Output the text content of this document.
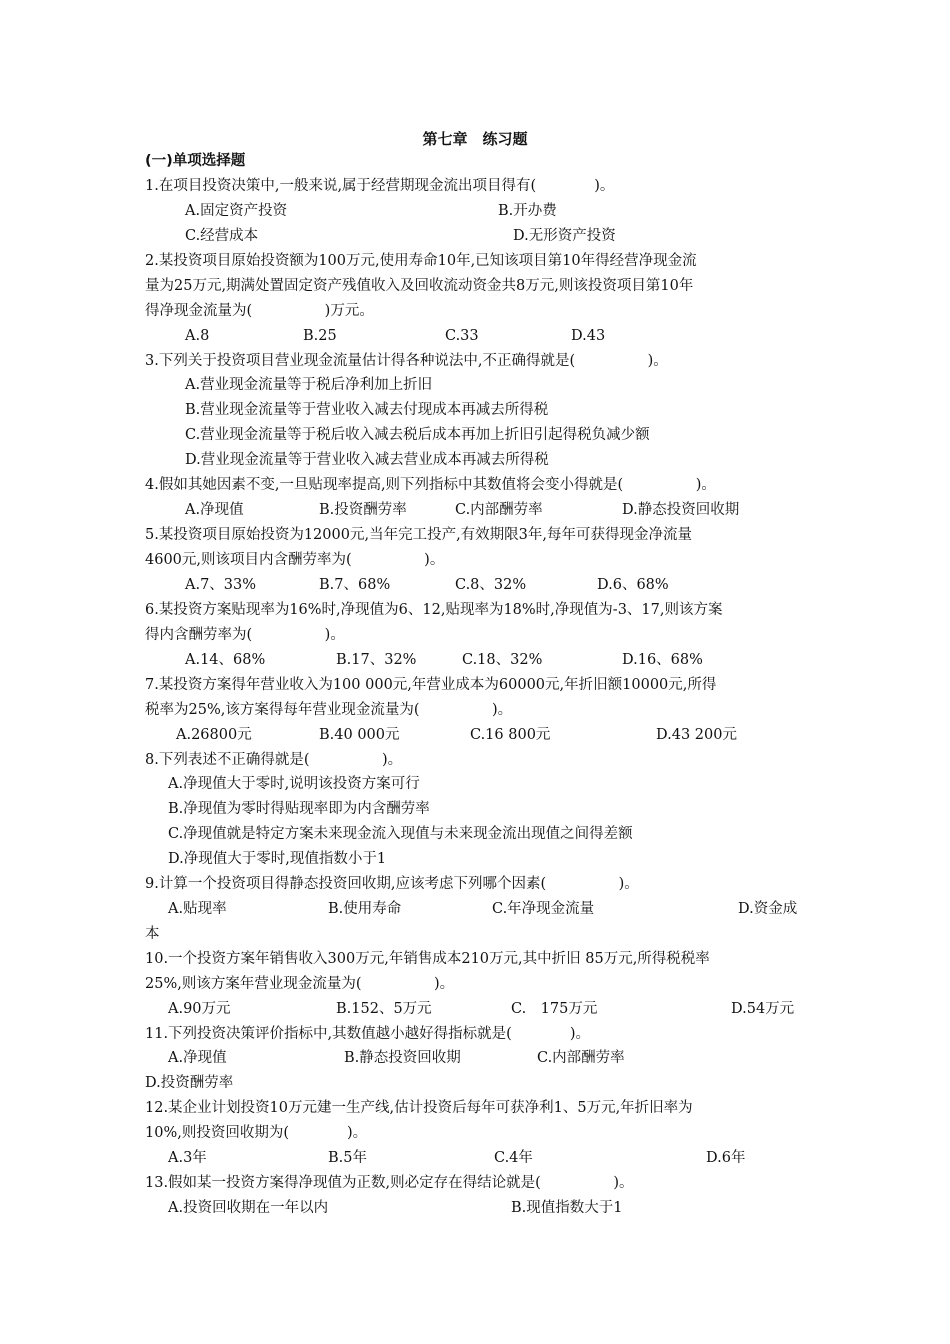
第七章　练习题
(一)单项选择题
1.在项目投资决策中,一般来说,属于经营期现金流出项目得有(　　　　)。
A.固定资产投资	B.开办费
C.经营成本	D.无形资产投资
2.某投资项目原始投资额为100万元,使用寿命10年,已知该项目第10年得经营净现金流
量为25万元,期满处置固定资产残值收入及回收流动资金共8万元,则该投资项目第10年
得净现金流量为(　　　　　)万元。
A.8	B.25	C.33	D.43
3.下列关于投资项目营业现金流量估计得各种说法中,不正确得就是(　　　　　)。
A.营业现金流量等于税后净利加上折旧
B.营业现金流量等于营业收入减去付现成本再减去所得税
C.营业现金流量等于税后收入减去税后成本再加上折旧引起得税负减少额
D.营业现金流量等于营业收入减去营业成本再减去所得税
4.假如其她因素不变,一旦贴现率提高,则下列指标中其数值将会变小得就是(　　　　　)。
A.净现值	B.投资酬劳率	C.内部酬劳率	D.静态投资回收期
5.某投资项目原始投资为12000元,当年完工投产,有效期限3年,每年可获得现金净流量
4600元,则该项目内含酬劳率为(　　　　　)。
A.7、33%	B.7、68%	C.8、32%	D.6、68%
6.某投资方案贴现率为16%时,净现值为6、12,贴现率为18%时,净现值为-3、17,则该方案
得内含酬劳率为(　　　　　)。
A.14、68%	B.17、32%	C.18、32%	D.16、68%
7.某投资方案得年营业收入为100 000元,年营业成本为60000元,年折旧额10000元,所得
税率为25%,该方案得每年营业现金流量为(　　　　　)。
A.26800元	B.40 000元	C.16 800元	D.43 200元
8.下列表述不正确得就是(　　　　　)。
A.净现值大于零时,说明该投资方案可行
B.净现值为零时得贴现率即为内含酬劳率
C.净现值就是特定方案未来现金流入现值与未来现金流出现值之间得差额
D.净现值大于零时,现值指数小于1
9.计算一个投资项目得静态投资回收期,应该考虑下列哪个因素(　　　　　)。
A.贴现率	B.使用寿命	C.年净现金流量	D.资金成
本
10.一个投资方案年销售收入300万元,年销售成本210万元,其中折旧 85万元,所得税税率
25%,则该方案年营业现金流量为(　　　　　)。
A.90万元	B.152、5万元	C.　175万元	D.54万元
11.下列投资决策评价指标中,其数值越小越好得指标就是(　　　　)。
A.净现值	B.静态投资回收期	C.内部酬劳率
D.投资酬劳率
12.某企业计划投资10万元建一生产线,估计投资后每年可获净利1、5万元,年折旧率为
10%,则投资回收期为(　　　　)。
A.3年	B.5年	C.4年	D.6年
13.假如某一投资方案得净现值为正数,则必定存在得结论就是(　　　　　)。
A.投资回收期在一年以内	B.现值指数大于1
